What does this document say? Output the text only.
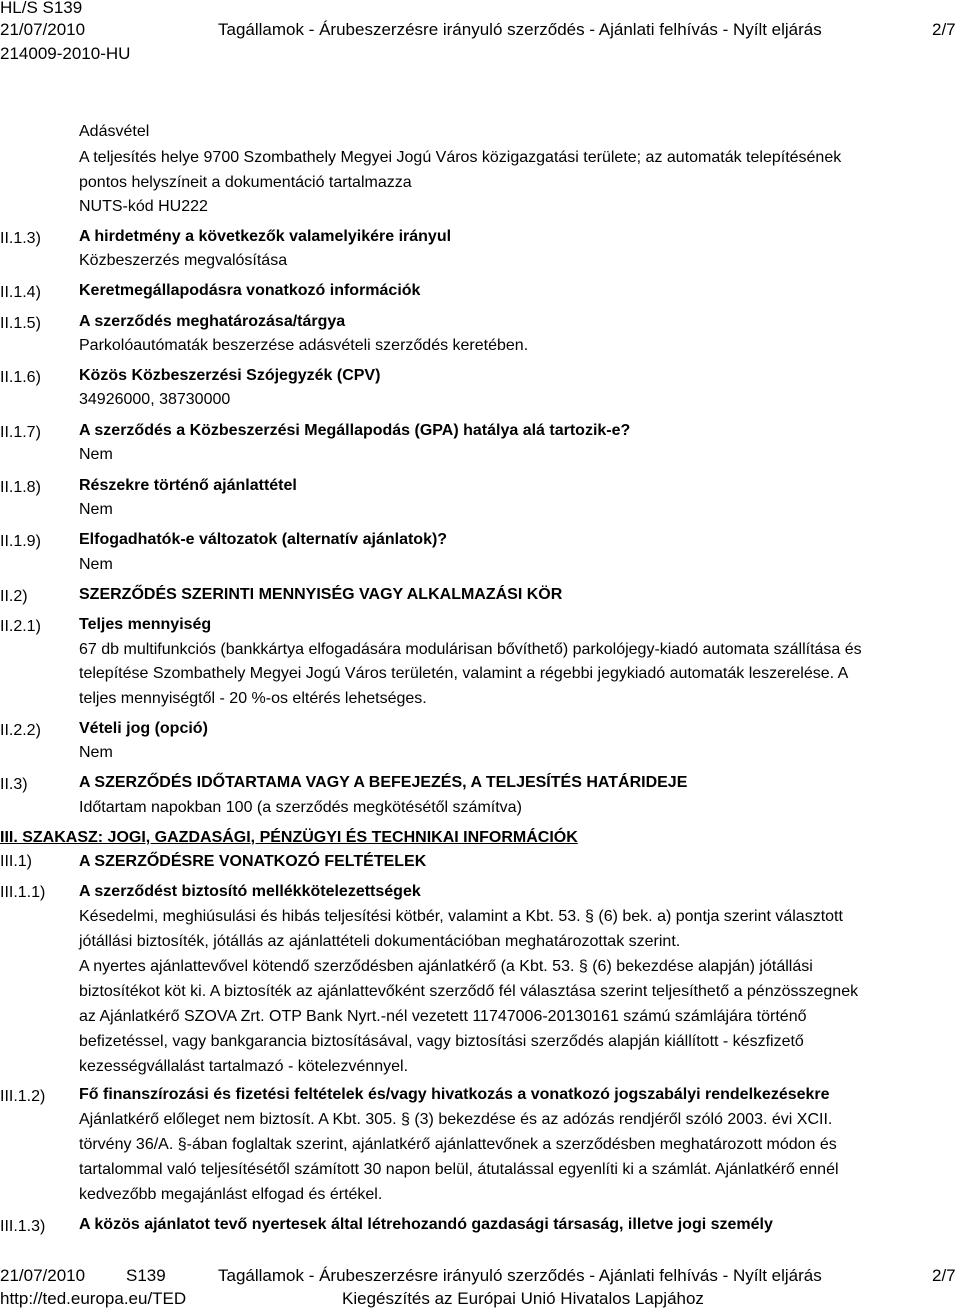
HL/S S139
21/07/2010
214009-2010-HU
Tagállamok - Árubeszerzésre irányuló szerződés - Ajánlati felhívás - Nyílt eljárás	2/7
Adásvétel
A teljesítés helye 9700 Szombathely Megyei Jogú Város közigazgatási területe; az automaták telepítésének
pontos helyszíneit a dokumentáció tartalmazza
NUTS-kód HU222
II.1.3) A hirdetmény a következők valamelyikére irányul
Közbeszerzés megvalósítása
II.1.4) Keretmegállapodásra vonatkozó információk
II.1.5) A szerződés meghatározása/tárgya
Parkolóautómaták beszerzése adásvételi szerződés keretében.
II.1.6) Közös Közbeszerzési Szójegyzék (CPV)
34926000, 38730000
II.1.7) A szerződés a Közbeszerzési Megállapodás (GPA) hatálya alá tartozik-e?
Nem
II.1.8) Részekre történő ajánlattétel
Nem
II.1.9) Elfogadhatók-e változatok (alternatív ajánlatok)?
Nem
II.2)	SZERZŐDÉS SZERINTI MENNYISÉG VAGY ALKALMAZÁSI KÖR
II.2.1) Teljes mennyiség
67 db multifunkciós (bankkártya elfogadására modulárisan bővíthető) parkolójegy-kiadó automata szállítása és
telepítése Szombathely Megyei Jogú Város területén, valamint a régebbi jegykiadó automaták leszerelése. A
teljes mennyiségtől - 20 %-os eltérés lehetséges.
II.2.2) Vételi jog (opció)
Nem
II.3)	A SZERZŐDÉS IDŐTARTAMA VAGY A BEFEJEZÉS, A TELJESÍTÉS HATÁRIDEJE
Időtartam napokban 100 (a szerződés megkötésétől számítva)
III. SZAKASZ: JOGI, GAZDASÁGI, PÉNZÜGYI ÉS TECHNIKAI INFORMÁCIÓK
III.1)	A SZERZŐDÉSRE VONATKOZÓ FELTÉTELEK
III.1.1) A szerződést biztosító mellékkötelezettségek
Késedelmi, meghiúsulási és hibás teljesítési kötbér, valamint a Kbt. 53. § (6) bek. a) pontja szerint választott
jótállási biztosíték, jótállás az ajánlattételi dokumentációban meghatározottak szerint.
A nyertes ajánlattevővel kötendő szerződésben ajánlatkérő (a Kbt. 53. § (6) bekezdése alapján) jótállási
biztosítékot köt ki. A biztosíték az ajánlattevőként szerződő fél választása szerint teljesíthető a pénzösszegnek
az Ajánlatkérő SZOVA Zrt. OTP Bank Nyrt.-nél vezetett 11747006-20130161 számú számlájára történő
befizetéssel, vagy bankgarancia biztosításával, vagy biztosítási szerződés alapján kiállított - készfizető
kezességvállalást tartalmazó - kötelezvénnyel.
III.1.2) Fő finanszírozási és fizetési feltételek és/vagy hivatkozás a vonatkozó jogszabályi rendelkezésekre
Ajánlatkérő előleget nem biztosít. A Kbt. 305. § (3) bekezdése és az adózás rendjéről szóló 2003. évi XCII.
törvény 36/A. §-ában foglaltak szerint, ajánlatkérő ajánlattevőnek a szerződésben meghatározott módon és
tartalommal való teljesítésétől számított 30 napon belül, átutalással egyenlíti ki a számlát. Ajánlatkérő ennél
kedvezőbb megajánlást elfogad és értékel.
III.1.3) A közös ajánlatot tevő nyertesek által létrehozandó gazdasági társaság, illetve jogi személy
21/07/2010 S139	Tagállamok - Árubeszerzésre irányuló szerződés - Ajánlati felhívás - Nyílt eljárás	2/7
http://ted.europa.eu/TED	Kiegészítés az Európai Unió Hivatalos Lapjához
